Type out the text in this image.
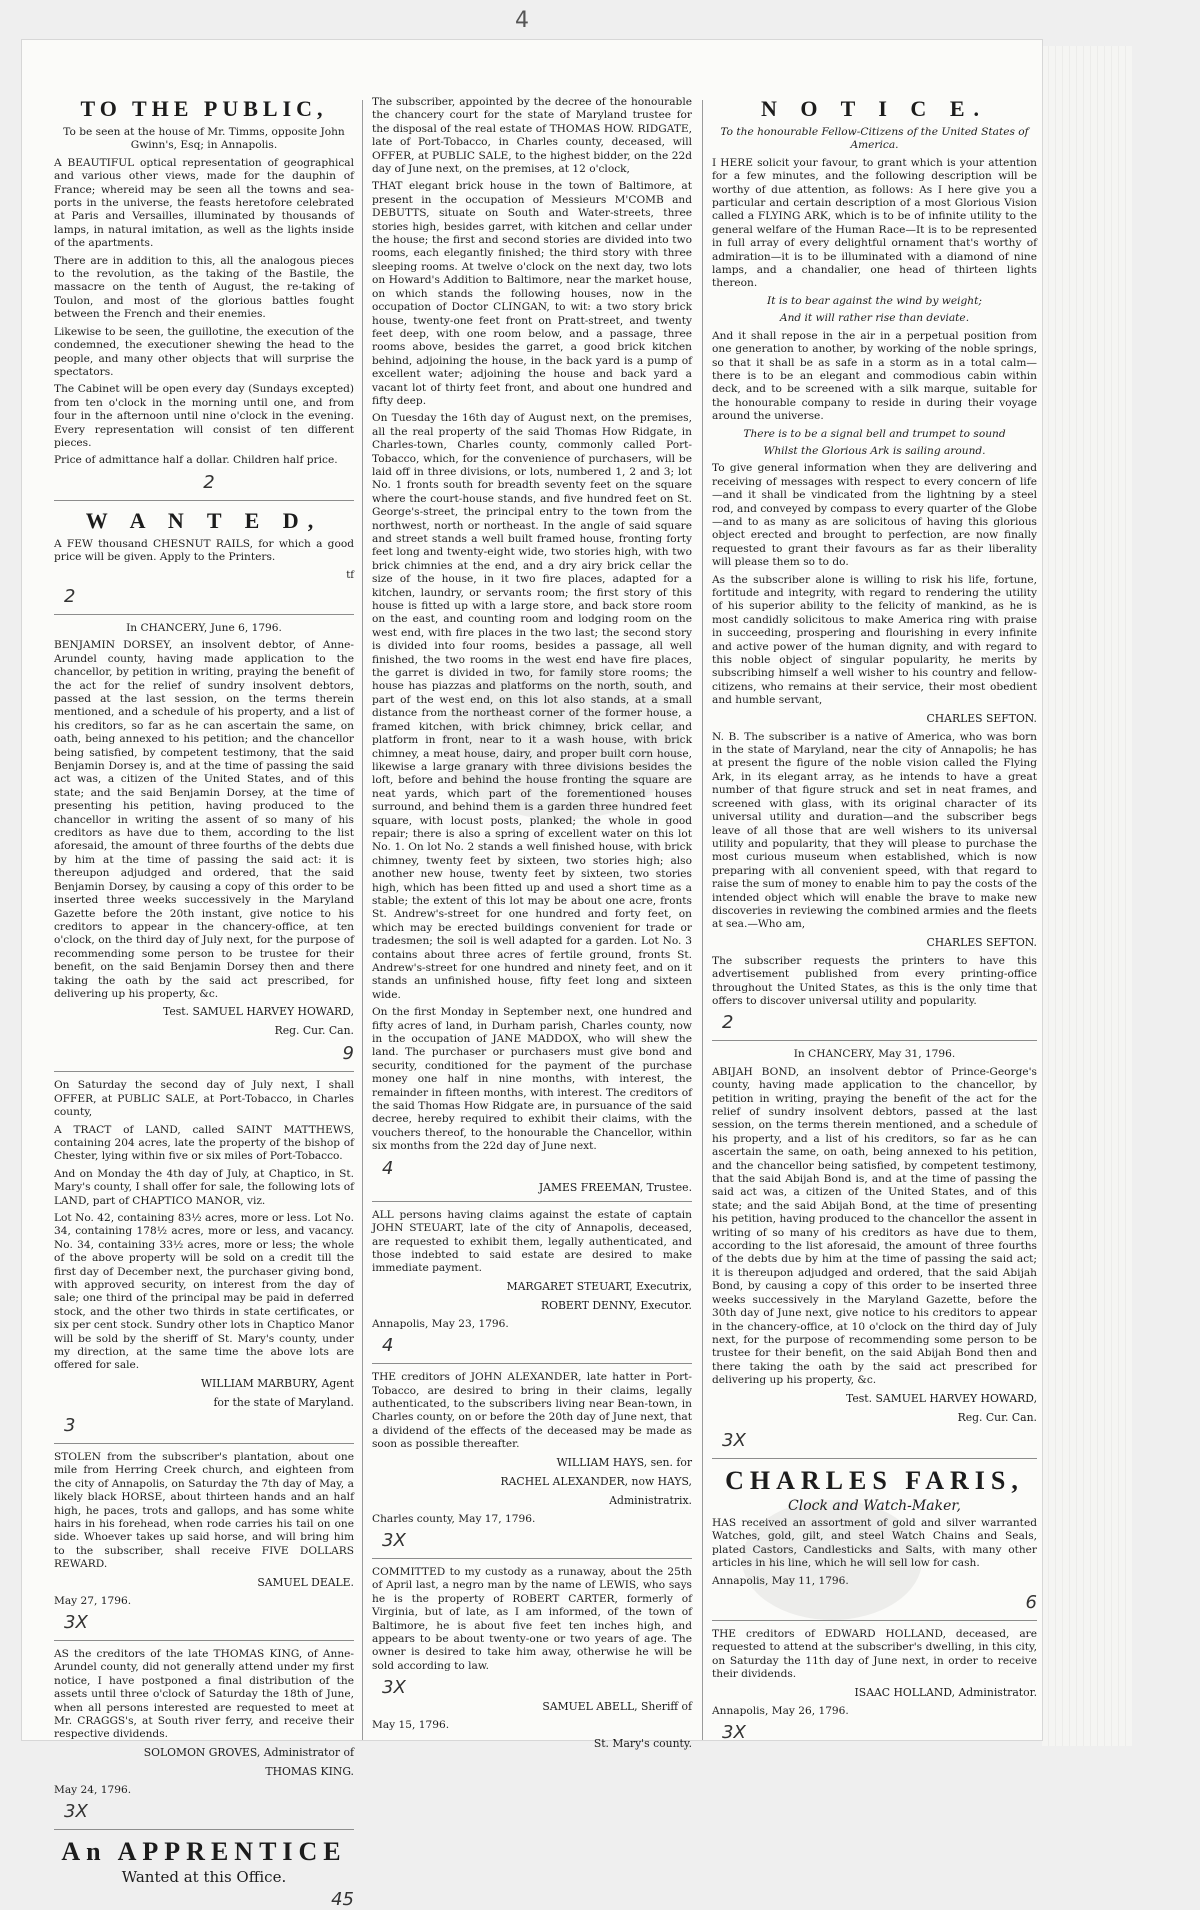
4
TO THE PUBLIC,

To be seen at the house of Mr. Timms, opposite John Gwinn's, Esq; in Annapolis.

A BEAUTIFUL optical representation of geographical and various other views, made for the dauphin of France; whereid may be seen all the towns and sea-ports in the universe, the feasts heretofore celebrated at Paris and Versailles, illuminated by thousands of lamps, in natural imitation, as well as the lights inside of the apartments.

There are in addition to this, all the analogous pieces to the revolution, as the taking of the Bastile, the massacre on the tenth of August, the re-taking of Toulon, and most of the glorious battles fought between the French and their enemies.

Likewise to be seen, the guillotine, the execution of the condemned, the executioner shewing the head to the people, and many other objects that will surprise the spectators.

The Cabinet will be open every day (Sundays excepted) from ten o'clock in the morning until one, and from four in the afternoon until nine o'clock in the evening. Every representation will consist of ten different pieces.

Price of admittance half a dollar. Children half price.

2
W A N T E D,

A FEW thousand CHESNUT RAILS, for which a good price will be given. Apply to the Printers.

tf

2

In CHANCERY, June 6, 1796.

BENJAMIN DORSEY, an insolvent debtor, of Anne-Arundel county, having made application to the chancellor, by petition in writing, praying the benefit of the act for the relief of sundry insolvent debtors, passed at the last session, on the terms therein mentioned, and a schedule of his property, and a list of his creditors, so far as he can ascertain the same, on oath, being annexed to his petition; and the chancellor being satisfied, by competent testimony, that the said Benjamin Dorsey is, and at the time of passing the said act was, a citizen of the United States, and of this state; and the said Benjamin Dorsey, at the time of presenting his petition, having produced to the chancellor in writing the assent of so many of his creditors as have due to them, according to the list aforesaid, the amount of three fourths of the debts due by him at the time of passing the said act: it is thereupon adjudged and ordered, that the said Benjamin Dorsey, by causing a copy of this order to be inserted three weeks successively in the Maryland Gazette before the 20th instant, give notice to his creditors to appear in the chancery-office, at ten o'clock, on the third day of July next, for the purpose of recommending some person to be trustee for their benefit, on the said Benjamin Dorsey then and there taking the oath by the said act prescribed, for delivering up his property, &c.

Test. SAMUEL HARVEY HOWARD,
Reg. Cur. Can.
9

On Saturday the second day of July next, I shall OFFER, at PUBLIC SALE, at Port-Tobacco, in Charles county,

A TRACT of LAND, called SAINT MATTHEWS, containing 204 acres, late the property of the bishop of Chester, lying within five or six miles of Port-Tobacco.

And on Monday the 4th day of July, at Chaptico, in St. Mary's county, I shall offer for sale, the following lots of LAND, part of CHAPTICO MANOR, viz.

Lot No. 42, containing 83½ acres, more or less. Lot No. 34, containing 178½ acres, more or less, and vacancy. No. 34, containing 33½ acres, more or less; the whole of the above property will be sold on a credit till the first day of December next, the purchaser giving bond, with approved security, on interest from the day of sale; one third of the principal may be paid in deferred stock, and the other two thirds in state certificates, or six per cent stock. Sundry other lots in Chaptico Manor will be sold by the sheriff of St. Mary's county, under my direction, at the same time the above lots are offered for sale.

WILLIAM MARBURY, Agent
for the state of Maryland.
3

STOLEN from the subscriber's plantation, about one mile from Herring Creek church, and eighteen from the city of Annapolis, on Saturday the 7th day of May, a likely black HORSE, about thirteen hands and an half high, he paces, trots and gallops, and has some white hairs in his forehead, when rode carries his tail on one side. Whoever takes up said horse, and will bring him to the subscriber, shall receive FIVE DOLLARS REWARD.

SAMUEL DEALE.

May 27, 1796.

3X

AS the creditors of the late THOMAS KING, of Anne-Arundel county, did not generally attend under my first notice, I have postponed a final distribution of the assets until three o'clock of Saturday the 18th of June, when all persons interested are requested to meet at Mr. CRAGGS's, at South river ferry, and receive their respective dividends.

SOLOMON GROVES, Administrator of
THOMAS KING.

May 24, 1796.

3X
An APPRENTICE

Wanted at this Office.

45

The subscriber, appointed by the decree of the honourable the chancery court for the state of Maryland trustee for the disposal of the real estate of THOMAS HOW. RIDGATE, late of Port-Tobacco, in Charles county, deceased, will OFFER, at PUBLIC SALE, to the highest bidder, on the 22d day of June next, on the premises, at 12 o'clock,

THAT elegant brick house in the town of Baltimore, at present in the occupation of Messieurs M'COMB and DEBUTTS, situate on South and Water-streets, three stories high, besides garret, with kitchen and cellar under the house; the first and second stories are divided into two rooms, each elegantly finished; the third story with three sleeping rooms. At twelve o'clock on the next day, two lots on Howard's Addition to Baltimore, near the market house, on which stands the following houses, now in the occupation of Doctor CLINGAN, to wit: a two story brick house, twenty-one feet front on Pratt-street, and twenty feet deep, with one room below, and a passage, three rooms above, besides the garret, a good brick kitchen behind, adjoining the house, in the back yard is a pump of excellent water; adjoining the house and back yard a vacant lot of thirty feet front, and about one hundred and fifty deep.

On Tuesday the 16th day of August next, on the premises, all the real property of the said Thomas How Ridgate, in Charles-town, Charles county, commonly called Port-Tobacco, which, for the convenience of purchasers, will be laid off in three divisions, or lots, numbered 1, 2 and 3; lot No. 1 fronts south for breadth seventy feet on the square where the court-house stands, and five hundred feet on St. George's-street, the principal entry to the town from the northwest, north or northeast. In the angle of said square and street stands a well built framed house, fronting forty feet long and twenty-eight wide, two stories high, with two brick chimnies at the end, and a dry airy brick cellar the size of the house, in it two fire places, adapted for a kitchen, laundry, or servants room; the first story of this house is fitted up with a large store, and back store room on the east, and counting room and lodging room on the west end, with fire places in the two last; the second story is divided into four rooms, besides a passage, all well finished, the two rooms in the west end have fire places, the garret is divided in two, for family store rooms; the house has piazzas and platforms on the north, south, and part of the west end, on this lot also stands, at a small distance from the northeast corner of the former house, a framed kitchen, with brick chimney, brick cellar, and platform in front, near to it a wash house, with brick chimney, a meat house, dairy, and proper built corn house, likewise a large granary with three divisions besides the loft, before and behind the house fronting the square are neat yards, which part of the forementioned houses surround, and behind them is a garden three hundred feet square, with locust posts, planked; the whole in good repair; there is also a spring of excellent water on this lot No. 1. On lot No. 2 stands a well finished house, with brick chimney, twenty feet by sixteen, two stories high; also another new house, twenty feet by sixteen, two stories high, which has been fitted up and used a short time as a stable; the extent of this lot may be about one acre, fronts St. Andrew's-street for one hundred and forty feet, on which may be erected buildings convenient for trade or tradesmen; the soil is well adapted for a garden. Lot No. 3 contains about three acres of fertile ground, fronts St. Andrew's-street for one hundred and ninety feet, and on it stands an unfinished house, fifty feet long and sixteen wide.

On the first Monday in September next, one hundred and fifty acres of land, in Durham parish, Charles county, now in the occupation of JANE MADDOX, who will shew the land. The purchaser or purchasers must give bond and security, conditioned for the payment of the purchase money one half in nine months, with interest, the remainder in fifteen months, with interest. The creditors of the said Thomas How Ridgate are, in pursuance of the said decree, hereby required to exhibit their claims, with the vouchers thereof, to the honourable the Chancellor, within six months from the 22d day of June next.

4
JAMES FREEMAN, Trustee.

ALL persons having claims against the estate of captain JOHN STEUART, late of the city of Annapolis, deceased, are requested to exhibit them, legally authenticated, and those indebted to said estate are desired to make immediate payment.

MARGARET STEUART, Executrix,
ROBERT DENNY, Executor.

Annapolis, May 23, 1796.

4

THE creditors of JOHN ALEXANDER, late hatter in Port-Tobacco, are desired to bring in their claims, legally authenticated, to the subscribers living near Bean-town, in Charles county, on or before the 20th day of June next, that a dividend of the effects of the deceased may be made as soon as possible thereafter.

WILLIAM HAYS, sen. for
RACHEL ALEXANDER, now HAYS,
Administratrix.

Charles county, May 17, 1796.

3X

COMMITTED to my custody as a runaway, about the 25th of April last, a negro man by the name of LEWIS, who says he is the property of ROBERT CARTER, formerly of Virginia, but of late, as I am informed, of the town of Baltimore, he is about five feet ten inches high, and appears to be about twenty-one or two years of age. The owner is desired to take him away, otherwise he will be sold according to law.

3X
SAMUEL ABELL, Sheriff of

May 15, 1796.

St. Mary's county.
N O T I C E.

To the honourable Fellow-Citizens of the United States of America.

I HERE solicit your favour, to grant which is your attention for a few minutes, and the following description will be worthy of due attention, as follows: As I here give you a particular and certain description of a most Glorious Vision called a FLYING ARK, which is to be of infinite utility to the general welfare of the Human Race—It is to be represented in full array of every delightful ornament that's worthy of admiration—it is to be illuminated with a diamond of nine lamps, and a chandalier, one head of thirteen lights thereon.

It is to bear against the wind by weight;

And it will rather rise than deviate.

And it shall repose in the air in a perpetual position from one generation to another, by working of the noble springs, so that it shall be as safe in a storm as in a total calm—there is to be an elegant and commodious cabin within deck, and to be screened with a silk marque, suitable for the honourable company to reside in during their voyage around the universe.

There is to be a signal bell and trumpet to sound

Whilst the Glorious Ark is sailing around.

To give general information when they are delivering and receiving of messages with respect to every concern of life—and it shall be vindicated from the lightning by a steel rod, and conveyed by compass to every quarter of the Globe—and to as many as are solicitous of having this glorious object erected and brought to perfection, are now finally requested to grant their favours as far as their liberality will please them so to do.

As the subscriber alone is willing to risk his life, fortune, fortitude and integrity, with regard to rendering the utility of his superior ability to the felicity of mankind, as he is most candidly solicitous to make America ring with praise in succeeding, prospering and flourishing in every infinite and active power of the human dignity, and with regard to this noble object of singular popularity, he merits by subscribing himself a well wisher to his country and fellow-citizens, who remains at their service, their most obedient and humble servant,

CHARLES SEFTON.

N. B. The subscriber is a native of America, who was born in the state of Maryland, near the city of Annapolis; he has at present the figure of the noble vision called the Flying Ark, in its elegant array, as he intends to have a great number of that figure struck and set in neat frames, and screened with glass, with its original character of its universal utility and duration—and the subscriber begs leave of all those that are well wishers to its universal utility and popularity, that they will please to purchase the most curious museum when established, which is now preparing with all convenient speed, with that regard to raise the sum of money to enable him to pay the costs of the intended object which will enable the brave to make new discoveries in reviewing the combined armies and the fleets at sea.—Who am,

CHARLES SEFTON.

The subscriber requests the printers to have this advertisement published from every printing-office throughout the United States, as this is the only time that offers to discover universal utility and popularity.

2

In CHANCERY, May 31, 1796.

ABIJAH BOND, an insolvent debtor of Prince-George's county, having made application to the chancellor, by petition in writing, praying the benefit of the act for the relief of sundry insolvent debtors, passed at the last session, on the terms therein mentioned, and a schedule of his property, and a list of his creditors, so far as he can ascertain the same, on oath, being annexed to his petition, and the chancellor being satisfied, by competent testimony, that the said Abijah Bond is, and at the time of passing the said act was, a citizen of the United States, and of this state; and the said Abijah Bond, at the time of presenting his petition, having produced to the chancellor the assent in writing of so many of his creditors as have due to them, according to the list aforesaid, the amount of three fourths of the debts due by him at the time of passing the said act; it is thereupon adjudged and ordered, that the said Abijah Bond, by causing a copy of this order to be inserted three weeks successively in the Maryland Gazette, before the 30th day of June next, give notice to his creditors to appear in the chancery-office, at 10 o'clock on the third day of July next, for the purpose of recommending some person to be trustee for their benefit, on the said Abijah Bond then and there taking the oath by the said act prescribed for delivering up his property, &c.

Test. SAMUEL HARVEY HOWARD,
Reg. Cur. Can.
3X
CHARLES FARIS,

Clock and Watch-Maker,

HAS received an assortment of gold and silver warranted Watches, gold, gilt, and steel Watch Chains and Seals, plated Castors, Candlesticks and Salts, with many other articles in his line, which he will sell low for cash.

Annapolis, May 11, 1796.

6

THE creditors of EDWARD HOLLAND, deceased, are requested to attend at the subscriber's dwelling, in this city, on Saturday the 11th day of June next, in order to receive their dividends.

ISAAC HOLLAND, Administrator.

Annapolis, May 26, 1796.

3X
